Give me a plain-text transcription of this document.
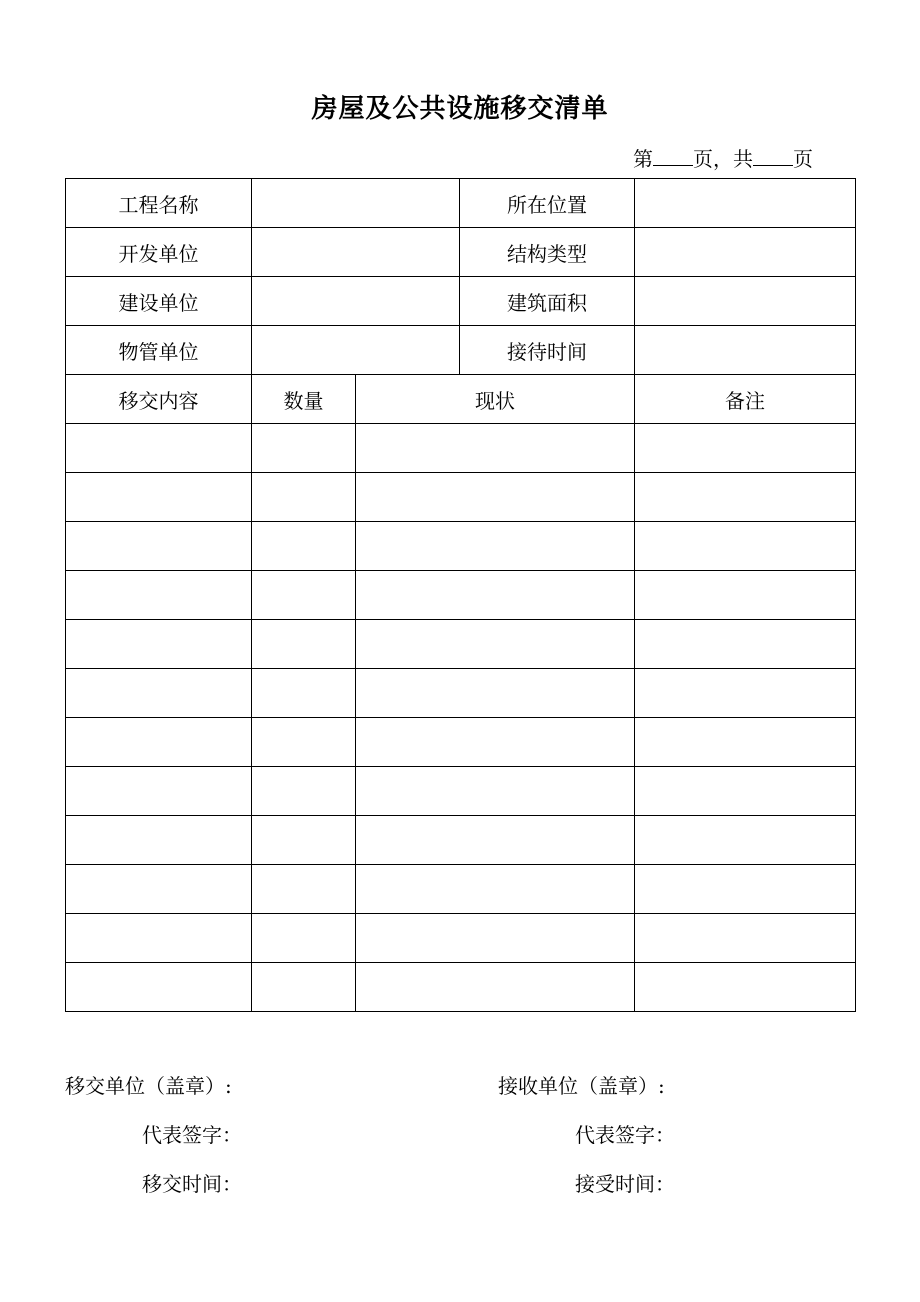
房屋及公共设施移交清单
第 页，共 页
工程名称			所在位置	
开发单位			结构类型	
建设单位			建筑面积	
物管单位			接待时间	
移交内容	数量	现状		备注

移交单位（盖章）:
代表签字：
移交时间：
接收单位（盖章）:
代表签字：
接受时间：
